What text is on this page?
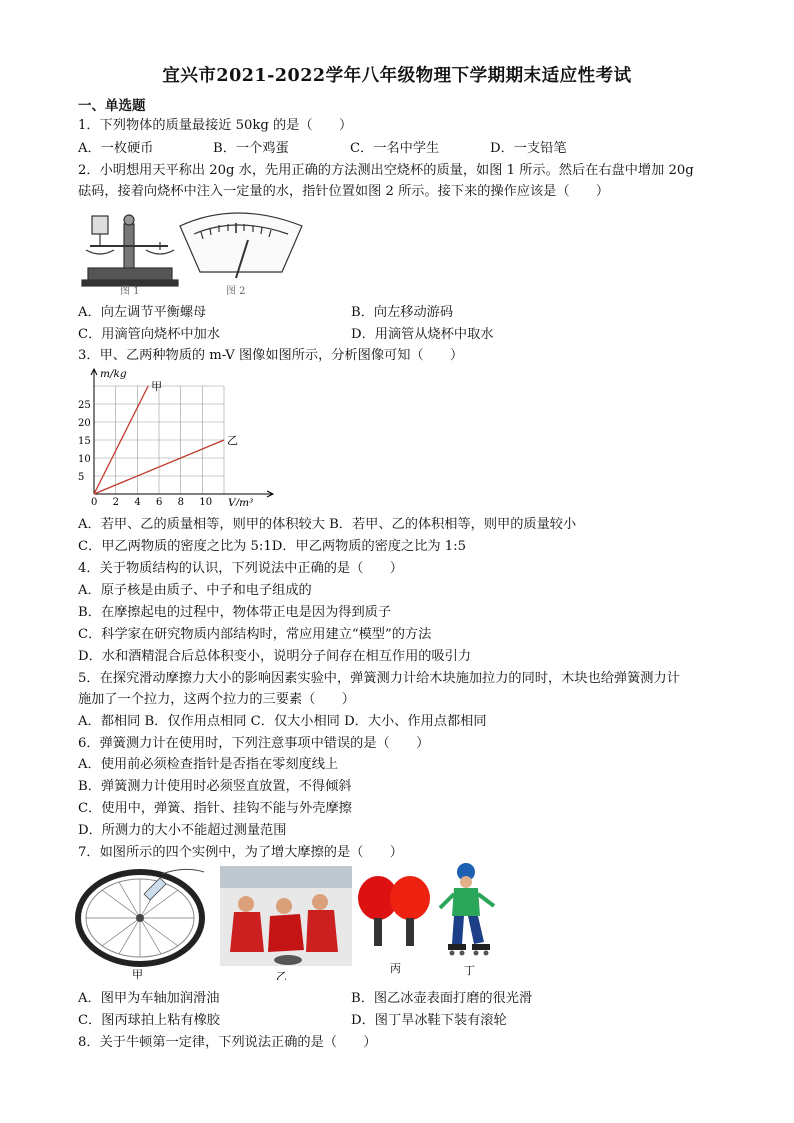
宜兴市2021-2022学年八年级物理下学期期末适应性考试
一、单选题
1．下列物体的质量最接近 50kg 的是（　　）
A．一枚硬币	B．一个鸡蛋	C．一名中学生	D．一支铅笔
2．小明想用天平称出 20g 水，先用正确的方法测出空烧杯的质量，如图 1 所示。然后在右盘中增加 20g
砝码，接着向烧杯中注入一定量的水，指针位置如图 2 所示。接下来的操作应该是（　　）
图 1	图 2
A．向左调节平衡螺母	B．向左移动游码
C．用滴管向烧杯中加水	D．用滴管从烧杯中取水
3．甲、乙两种物质的 m-V 图像如图所示，分析图像可知（　　）
甲
乙
0 2 4 6 8 10
5
10
15
20
25
m/kg
V/m³
A．若甲、乙的质量相等，则甲的体积较大 B．若甲、乙的体积相等，则甲的质量较小
C．甲乙两物质的密度之比为 5:1D．甲乙两物质的密度之比为 1:5
4．关于物质结构的认识，下列说法中正确的是（　　）
A．原子核是由质子、中子和电子组成的
B．在摩擦起电的过程中，物体带正电是因为得到质子
C．科学家在研究物质内部结构时，常应用建立“模型”的方法
D．水和酒精混合后总体积变小，说明分子间存在相互作用的吸引力
5．在探究滑动摩擦力大小的影响因素实验中，弹簧测力计给木块施加拉力的同时，木块也给弹簧测力计
施加了一个拉力，这两个拉力的三要素（　　）
A．都相同 B．仅作用点相同 C．仅大小相同 D．大小、作用点都相同
6．弹簧测力计在使用时，下列注意事项中错误的是（　　）
A．使用前必须检查指针是否指在零刻度线上
B．弹簧测力计使用时必须竖直放置，不得倾斜
C．使用中，弹簧、指针、挂钩不能与外壳摩擦
D．所测力的大小不能超过测量范围
7．如图所示的四个实例中，为了增大摩擦的是（　　）
甲	乙
丙	丁
A．图甲为车轴加润滑油	B．图乙冰壶表面打磨的很光滑
C．图丙球拍上粘有橡胶	D．图丁旱冰鞋下装有滚轮
8．关于牛顿第一定律，下列说法正确的是（　　）
